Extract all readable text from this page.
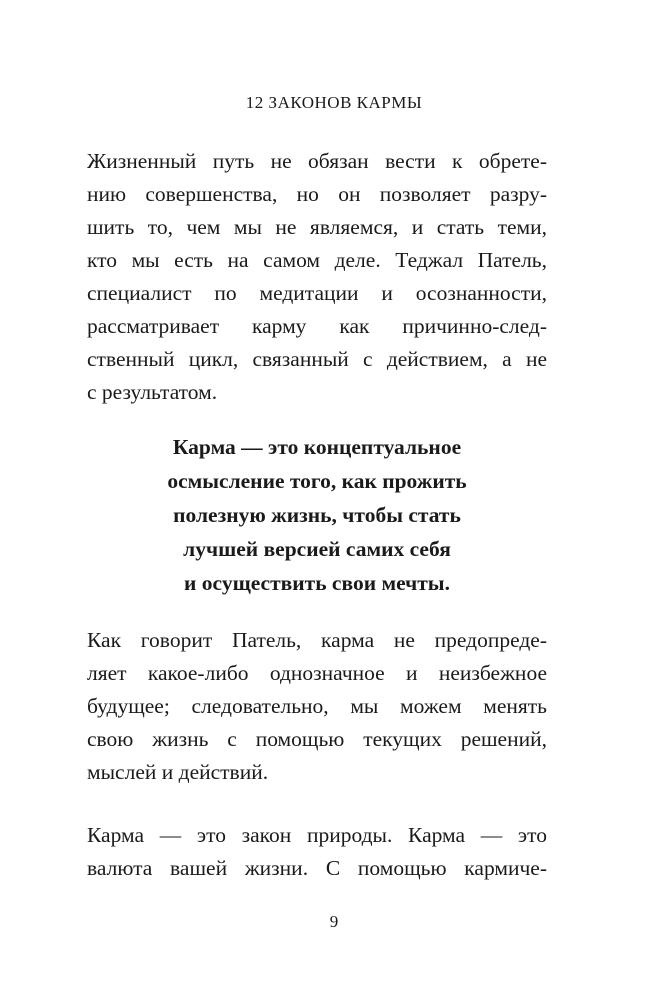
12 ЗАКОНОВ КАРМЫ
Жизненный путь не обязан вести к обрете-
нию совершенства, но он позволяет разру-
шить то, чем мы не являемся, и стать теми,
кто мы есть на самом деле. Теджал Патель,
специалист по медитации и осознанности,
рассматривает карму как причинно-след-
ственный цикл, связанный с действием, а не
с результатом.
Карма — это концептуальное
осмысление того, как прожить
полезную жизнь, чтобы стать
лучшей версией самих себя
и осуществить свои мечты.
Как говорит Патель, карма не предопреде-
ляет какое-либо однозначное и неизбежное
будущее; следовательно, мы можем менять
свою жизнь с помощью текущих решений,
мыслей и действий.
Карма — это закон природы. Карма — это
валюта вашей жизни. С помощью кармиче-
9
